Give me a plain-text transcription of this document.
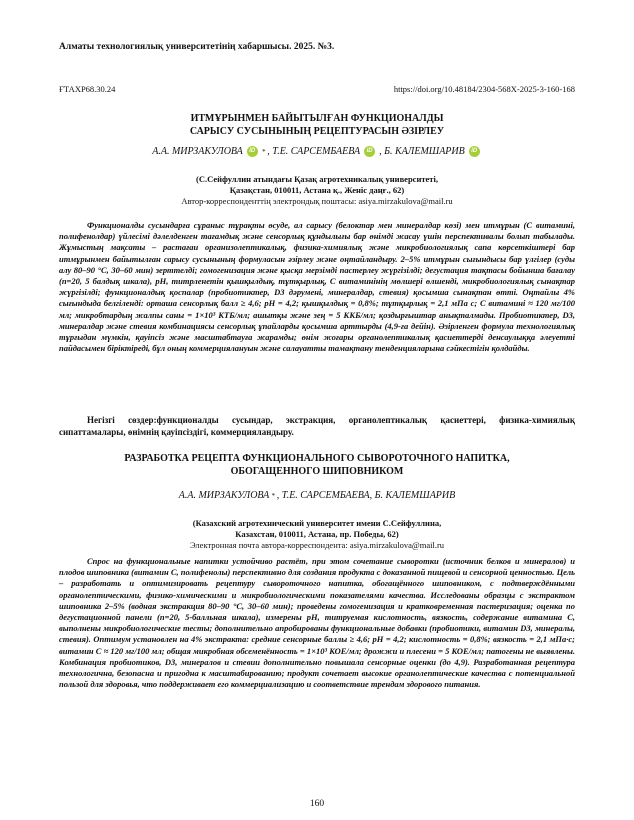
Алматы технологиялық университетінің хабаршысы. 2025. №3.
ҒТАХР68.30.24	https://doi.org/10.48184/2304-568X-2025-3-160-168
ИТМҰРЫНМЕН БАЙЫТЫЛҒАН ФУНКЦИОНАЛДЫ
САРЫСУ СУСЫНЫНЫҢ РЕЦЕПТУРАСЫН ӘЗІРЛЕУ
А.А. МИРЗАКУЛОВА	iD * , Т.Е. САРСЕМБАЕВА	iD , Б. КАЛЕМШАРИВ	iD
(С.Сейфуллин атындағы Қазақ агротехникалық университеті,
Қазақстан, 010011, Астана қ., Женіс даңғ., 62)
Автор-корреспонденттің электрондық поштасы: asiya.mirzakulova@mail.ru
Функционалды сусындарға сұраныс тұрақты өсуде, ал сарысу (белоктар мен минералдар көзі) мен итмұрын (С витамині, полифенолдар) үйлесімі дәлелденген тағамдық және сенсорлық құндылығы бар өнімді жасау үшін перспективалы болып табылады. Жұмыстың мақсаты – растағаи организолептикалық, физика-химиялық және микробиологиялық сапа көрсеткіштері бар итмұрынмен байытылған сарысу сусынының формуласын әзірлеу және оңтайландыру. 2–5% итмұрын сығындысы бар үлгілер (суды алу 80–90 °C, 30–60 мин) зерттелді; гомогенизация және қысқа мерзімді пастерлеу жүргізілді; дегустация тақтасы бойынша бағалау (n=20, 5 балдық шкала), pH, титрленетін қышқылдық, тұтқырлық, С витаминінің мөлшері өлшенді, микробиологиялық сынақтар жүргізілді; функционалдық қоспалар (пробиотиктер, D3 дәрумені, минералдар, стевия) қосымша сынақтан өтті. Оңтайлы 4% сығындыда белгіленді: орташа сенсорлық балл ≥ 4,6; pH = 4,2; қышқылдық = 0,8%; тұтқырлық = 2,1 мПа с; С витамині ≈ 120 мг/100 мл; микробтардың жалпы саны = 1×10³ КТБ/мл; ашытқы және зең = 5 ККБ/мл; қоздырғыштар анықталмады. Пробиотиктер, D3, минералдар және стевия комбинациясы сенсорлық ұпайларды қосымша арттырды (4,9-ға дейін). Әзірленген формула технологиялық тұрғыдан мүмкін, қауіпсіз және масштабтауға жарамды; өнім жоғары органолептикалық қасиеттерді денсаулыққа әлеуетті пайдасымен біріктіреді, бұл оның коммерциялануын және салауатты тамақтану тенденцияларына сәйкестігін қолдайды.
Негізгі сөздер:функционалды сусындар, экстракция, органолептикалық қасиеттері, физика-химиялық сипаттамалары, өнімнің қауіпсіздігі, коммерцияландыру.
РАЗРАБОТКА РЕЦЕПТА ФУНКЦИОНАЛЬНОГО СЫВОРОТОЧНОГО НАПИТКА,
ОБОГАЩЕННОГО ШИПОВНИКОМ
А.А. МИРЗАКУЛОВА * , Т.Е. САРСЕМБАЕВА, Б. КАЛЕМШАРИВ
(Казахский агротехнический университет имени С.Сейфуллина,
Казахстан, 010011, Астана, пр. Победы, 62)
Электронная почта автора-корреспондента: asiya.mirzakulova@mail.ru
Спрос на функциональные напитки устойчиво растёт, при этом сочетание сыворотки (источник белков и минералов) и плодов шиповника (витамин С, полифенолы) перспективно для создания продукта с доказанной пищевой и сенсорной ценностью. Цель – разработать и оптимизировать рецептуру сывороточного напитка, обогащённого шиповником, с подтверждёнными органолептическими, физико-химическими и микробиологическими показателями качества. Исследованы образцы с экстрактом шиповника 2–5% (водная экстракция 80–90 °C, 30–60 мин); проведены гомогенизация и кратковременная пастеризация; оценка по дегустационной панели (n=20, 5-балльная шкала), измерены pH, титруемая кислотность, вязкость, содержание витамина С, выполнены микробиологические тесты; дополнительно апробированы функциональные добавки (пробиотики, витамин D3, минералы, стевия). Оптимум установлен на 4% экстракта: средние сенсорные баллы ≥ 4,6; pH = 4,2; кислотность = 0,8%; вязкость = 2,1 мПа·с; витамин С ≈ 120 мг/100 мл; общая микробная обсеменённость = 1×10³ КОЕ/мл; дрожжи и плесени = 5 КОЕ/мл; патогены не выявлены. Комбинация пробиотиков, D3, минералов и стевии дополнительно повышала сенсорные оценки (до 4,9). Разработанная рецептура технологична, безопасна и пригодна к масштабированию; продукт сочетает высокие органолептические качества с потенциальной пользой для здоровья, что поддерживает его коммерциализацию и соответствие трендам здорового питания.
160
